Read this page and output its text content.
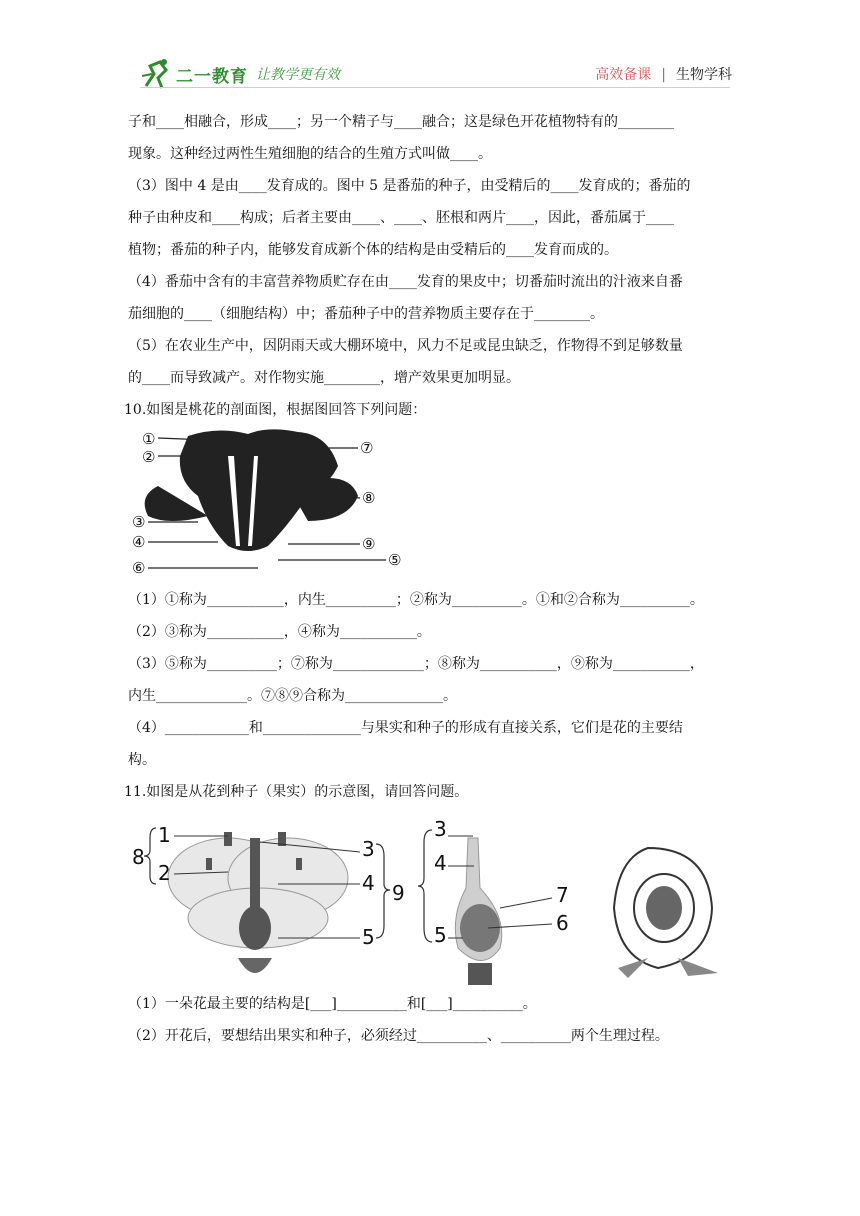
二一教育 让教学更有效	高效备课 | 生物学科

子和____相融合，形成____；另一个精子与____融合；这是绿色开花植物特有的________

现象。这种经过两性生殖细胞的结合的生殖方式叫做____。

（3）图中 4 是由____发育成的。图中 5 是番茄的种子，由受精后的____发育成的；番茄的

种子由种皮和____构成；后者主要由____、____、胚根和两片____，因此，番茄属于____

植物；番茄的种子内，能够发育成新个体的结构是由受精后的____发育而成的。

（4）番茄中含有的丰富营养物质贮存在由____发育的果皮中；切番茄时流出的汁液来自番

茄细胞的____（细胞结构）中；番茄种子中的营养物质主要存在于________。

（5）在农业生产中，因阴雨天或大棚环境中，风力不足或昆虫缺乏，作物得不到足够数量

的____而导致减产。对作物实施________，增产效果更加明显。

10.如图是桃花的剖面图，根据图回答下列问题：

①
②
③
④
⑥
⑦
⑧
⑨
⑤

（1）①称为___________，内生__________；②称为__________。①和②合称为__________。

（2）③称为___________，④称为___________。

（3）⑤称为__________；⑦称为_____________；⑧称为___________，⑨称为___________，

内生_____________。⑦⑧⑨合称为______________。

（4）____________和______________与果实和种子的形成有直接关系，它们是花的主要结

构。

11.如图是从花到种子（果实）的示意图，请回答问题。

1
2
3
4
5
8
9
3
4
5
7
6

（1）一朵花最主要的结构是[___]__________和[___]__________。

（2）开花后，要想结出果实和种子，必须经过__________、__________两个生理过程。
